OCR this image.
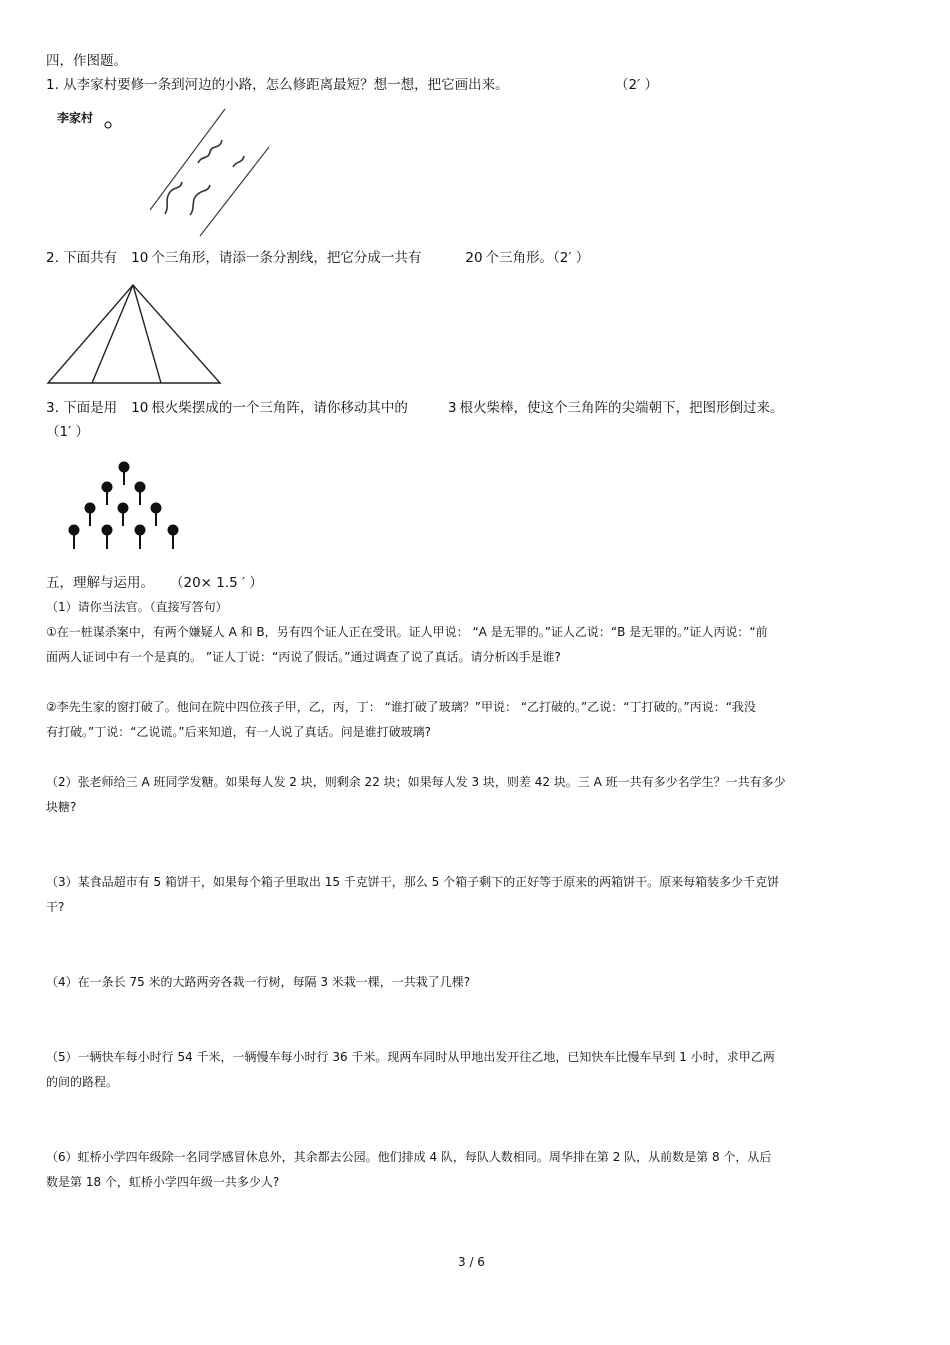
四，作图题。
1. 从李家村要修一条到河边的小路，怎么修距离最短？想一想，把它画出来。	（2′ ）
李家村
2. 下面共有 10 个三角形，请添一条分割线，把它分成一共有	20 个三角形。（2′ ）
3. 下面是用 10 根火柴摆成的一个三角阵，请你移动其中的	3 根火柴棒，使这个三角阵的尖端朝下，把图形倒过来。
（1′ ）
五，理解与运用。 （20× 1.5 ′ ）
（1）请你当法官。（直接写答句）
①在一桩谋杀案中，有两个嫌疑人 A 和 B，另有四个证人正在受讯。证人甲说： “A 是无罪的。”证人乙说：“B 是无罪的。”证人丙说：“前
面两人证词中有一个是真的。 ”证人丁说：“丙说了假话。”通过调查了说了真话。请分析凶手是谁?
②李先生家的窗打破了。他问在院中四位孩子甲，乙，丙，丁： “谁打破了玻璃？”甲说： “乙打破的。”乙说：“丁打破的。”丙说：“我没
有打破。”丁说：“乙说谎。”后来知道，有一人说了真话。问是谁打破玻璃?
（2）张老师给三 A 班同学发糖。如果每人发 2 块，则剩余 22 块；如果每人发 3 块，则差 42 块。三 A 班一共有多少名学生？一共有多少
块糖?
（3）某食品超市有 5 箱饼干，如果每个箱子里取出 15 千克饼干，那么 5 个箱子剩下的正好等于原来的两箱饼干。原来每箱装多少千克饼
干?
（4）在一条长 75 米的大路两旁各栽一行树，每隔 3 米栽一棵，一共栽了几棵?
（5）一辆快车每小时行 54 千米，一辆慢车每小时行 36 千米。现两车同时从甲地出发开往乙地，已知快车比慢车早到 1 小时，求甲乙两
的间的路程。
（6）虹桥小学四年级除一名同学感冒休息外，其余都去公园。他们排成 4 队，每队人数相同。周华排在第 2 队，从前数是第 8 个，从后
数是第 18 个，虹桥小学四年级一共多少人?
3 / 6
